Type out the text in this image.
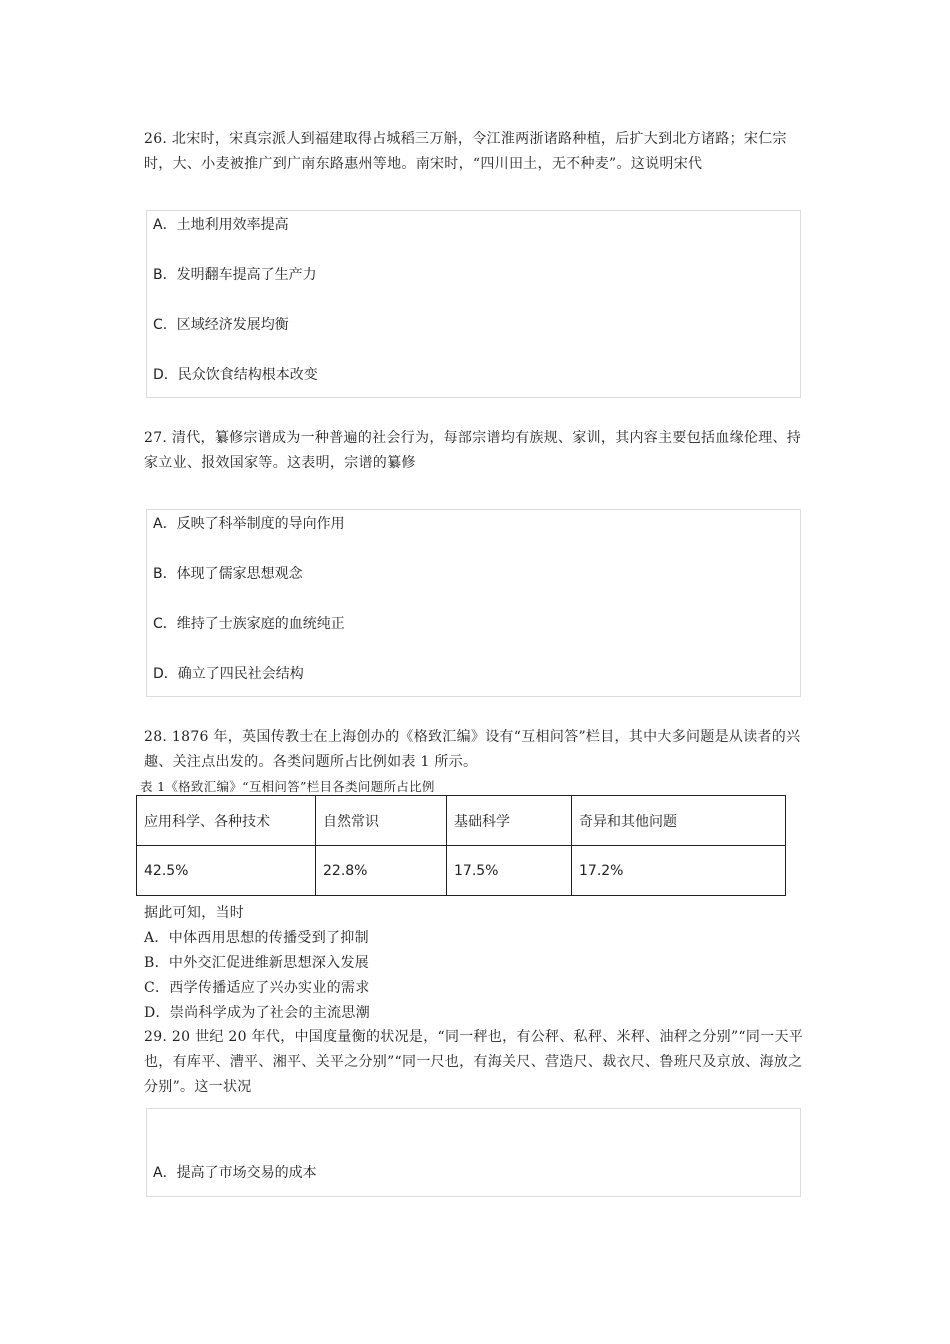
26. 北宋时，宋真宗派人到福建取得占城稻三万斛，令江淮两浙诸路种植，后扩大到北方诸路；宋仁宗时，大、小麦被推广到广南东路惠州等地。南宋时，“四川田土，无不种麦”。这说明宋代

A．土地利用效率提高
B．发明翻车提高了生产力
C．区域经济发展均衡
D．民众饮食结构根本改变

27. 清代，纂修宗谱成为一种普遍的社会行为，每部宗谱均有族规、家训，其内容主要包括血缘伦理、持家立业、报效国家等。这表明，宗谱的纂修

A．反映了科举制度的导向作用
B．体现了儒家思想观念
C．维持了士族家庭的血统纯正
D．确立了四民社会结构

28. 1876 年，英国传教士在上海创办的《格致汇编》设有“互相问答”栏目，其中大多问题是从读者的兴趣、关注点出发的。各类问题所占比例如表 1 所示。

表 1《格致汇编》“互相问答”栏目各类问题所占比例
应用科学、各种技术	自然常识	基础科学	奇异和其他问题
42.5%	22.8%	17.5%	17.2%
据此可知，当时
A．中体西用思想的传播受到了抑制
B．中外交汇促进维新思想深入发展
C．西学传播适应了兴办实业的需求
D．崇尚科学成为了社会的主流思潮

29. 20 世纪 20 年代，中国度量衡的状况是，“同一秤也，有公秤、私秤、米秤、油秤之分别”“同一天平也，有库平、漕平、湘平、关平之分别”“同一尺也，有海关尺、营造尺、裁衣尺、鲁班尺及京放、海放之分别”。这一状况

A．提高了市场交易的成本
